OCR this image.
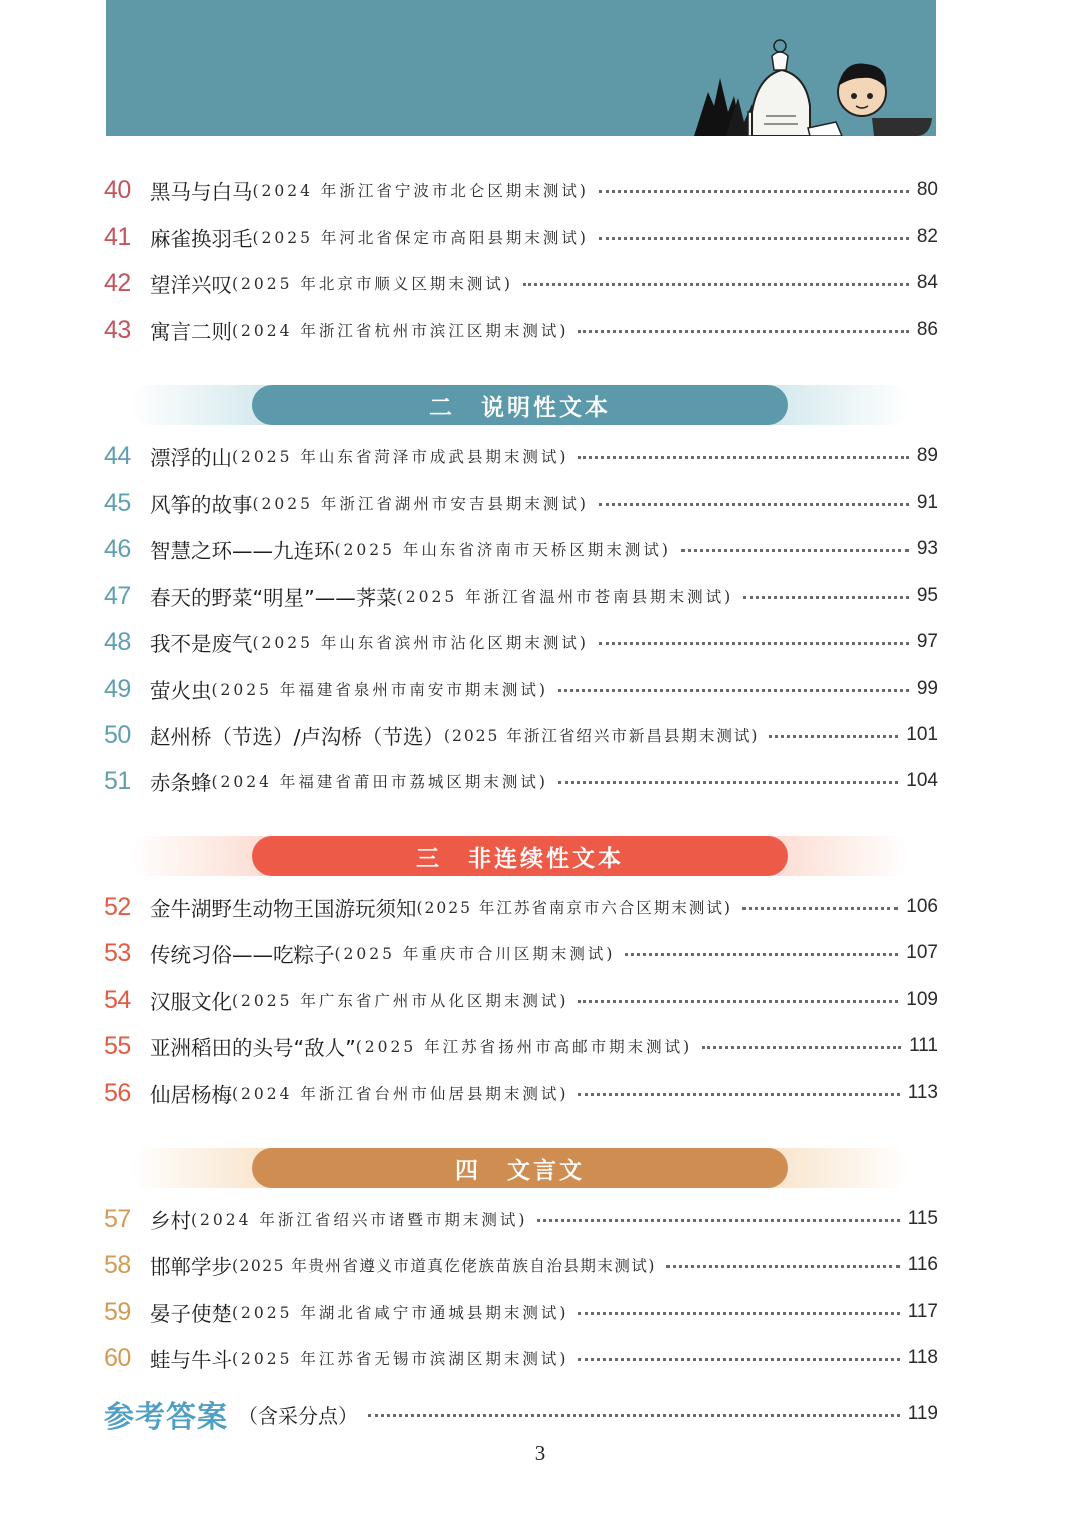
40 黑马与白马 (2024 年浙江省宁波市北仑区期末测试)	80
41 麻雀换羽毛 (2025 年河北省保定市高阳县期末测试)	82
42 望洋兴叹 (2025 年北京市顺义区期末测试)	84
43 寓言二则 (2024 年浙江省杭州市滨江区期末测试)	86
二 说明性文本
44 漂浮的山 (2025 年山东省菏泽市成武县期末测试)	89
45 风筝的故事 (2025 年浙江省湖州市安吉县期末测试)	91
46 智慧之环——九连环 (2025 年山东省济南市天桥区期末测试)	93
47 春天的野菜“明星”——荠菜 (2025 年浙江省温州市苍南县期末测试)	95
48 我不是废气 (2025 年山东省滨州市沾化区期末测试)	97
49 萤火虫 (2025 年福建省泉州市南安市期末测试)	99
50 赵州桥（节选）/卢沟桥（节选） (2025 年浙江省绍兴市新昌县期末测试)	101
51 赤条蜂 (2024 年福建省莆田市荔城区期末测试)	104
三 非连续性文本
52 金牛湖野生动物王国游玩须知 (2025 年江苏省南京市六合区期末测试)	106
53 传统习俗——吃粽子 (2025 年重庆市合川区期末测试)	107
54 汉服文化 (2025 年广东省广州市从化区期末测试)	109
55 亚洲稻田的头号“敌人” (2025 年江苏省扬州市高邮市期末测试)	111
56 仙居杨梅 (2024 年浙江省台州市仙居县期末测试)	113
四 文言文
57 乡村 (2024 年浙江省绍兴市诸暨市期末测试)	115
58 邯郸学步 (2025 年贵州省遵义市道真仡佬族苗族自治县期末测试)	116
59 晏子使楚 (2025 年湖北省咸宁市通城县期末测试)	117
60 蛙与牛斗 (2025 年江苏省无锡市滨湖区期末测试)	118
参考答案 （含采分点）	119
3
